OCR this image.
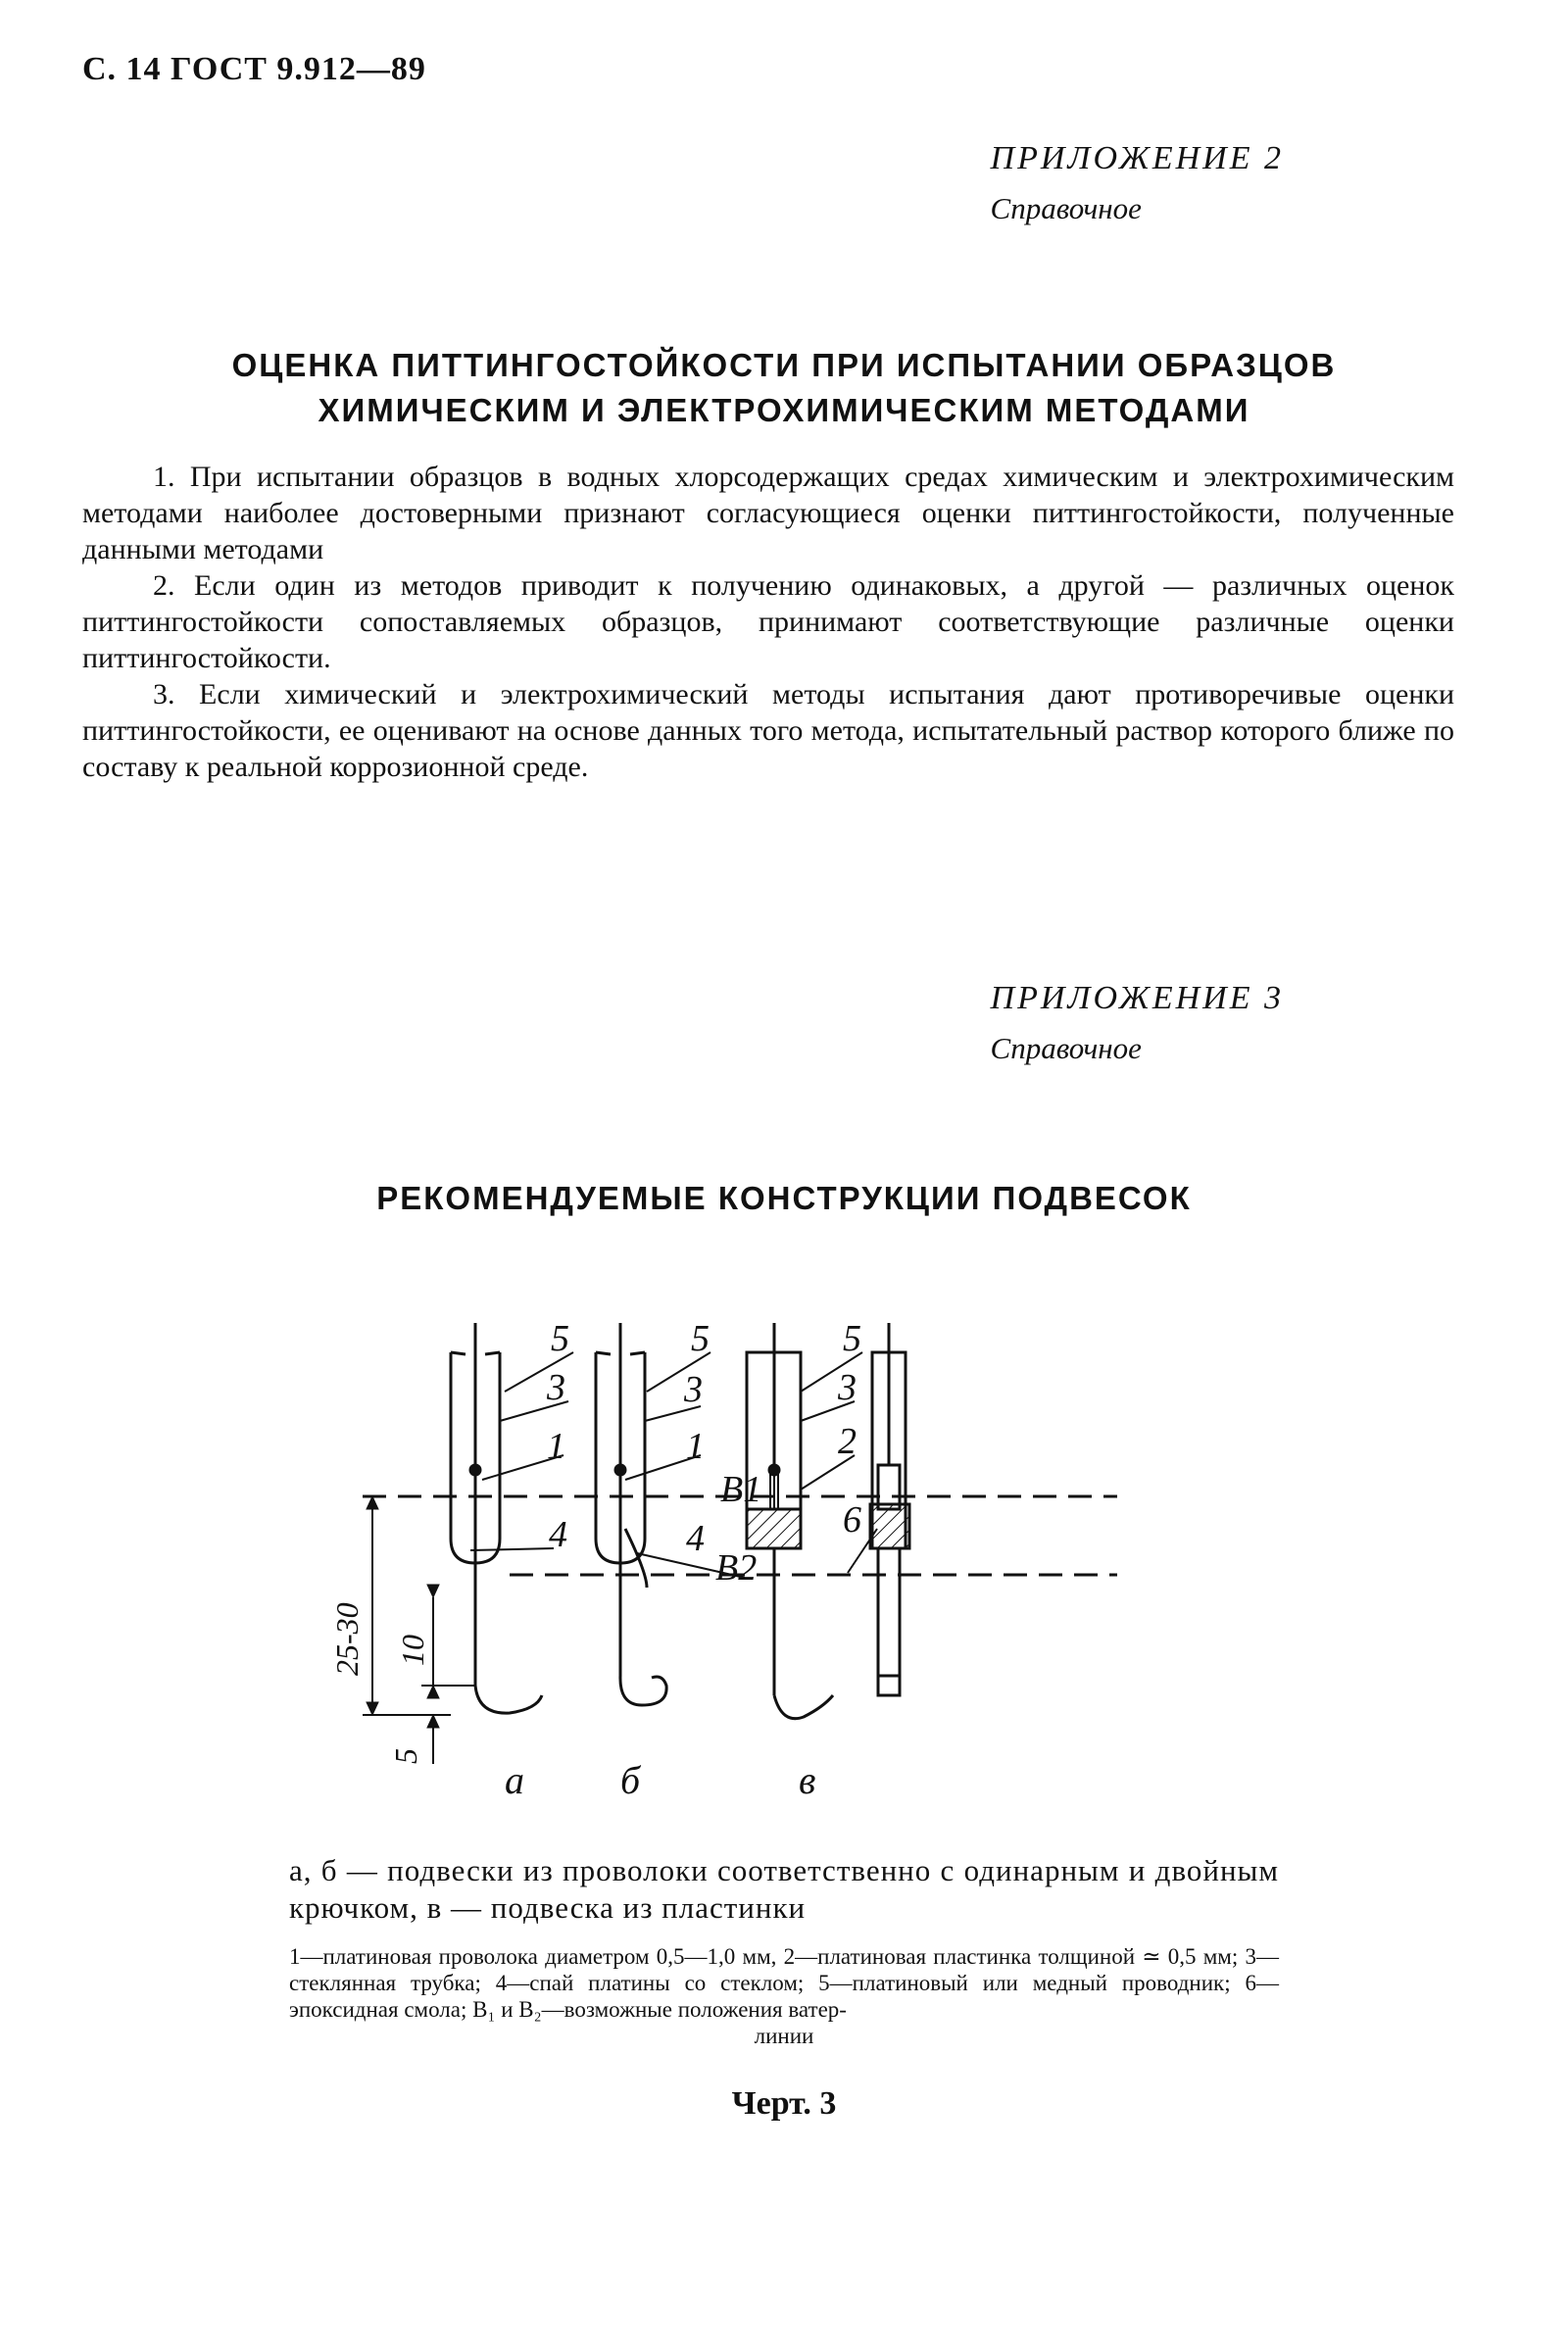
С. 14 ГОСТ 9.912—89
ПРИЛОЖЕНИЕ 2
Справочное
ОЦЕНКА ПИТТИНГОСТОЙКОСТИ ПРИ ИСПЫТАНИИ ОБРАЗЦОВ
ХИМИЧЕСКИМ И ЭЛЕКТРОХИМИЧЕСКИМ МЕТОДАМИ

1. При испытании образцов в водных хлорсодержащих средах химическим и электрохимическим методами наиболее достоверными признают согласующиеся оценки питтингостойкости, полученные данными методами

2. Если один из методов приводит к получению одинаковых, а другой — различных оценок питтингостойкости сопоставляемых образцов, принимают соответствующие различные оценки питтингостойкости.

3. Если химический и электрохимический методы испытания дают противоречивые оценки питтингостойкости, ее оценивают на основе данных того метода, испытательный раствор которого ближе по составу к реальной коррозионной среде.

ПРИЛОЖЕНИЕ 3
Справочное
РЕКОМЕНДУЕМЫЕ КОНСТРУКЦИИ ПОДВЕСОК
5
3
1
4
5
3
1
4
5
3
2
6
B1
B2
25-30 10
5
а б	в
а, б — подвески из проволоки соответственно с одинарным и двойным крючком, в — подвеска из пластинки
1—платиновая проволока диаметром 0,5—1,0 мм, 2—платиновая пластинка толщиной ≃ 0,5 мм; 3—стеклянная трубка; 4—спай платины со стеклом; 5—платиновый или медный проводник; 6—эпоксидная смола; B₁ и B₂—возможные положения ватер-
линии
Черт. 3
